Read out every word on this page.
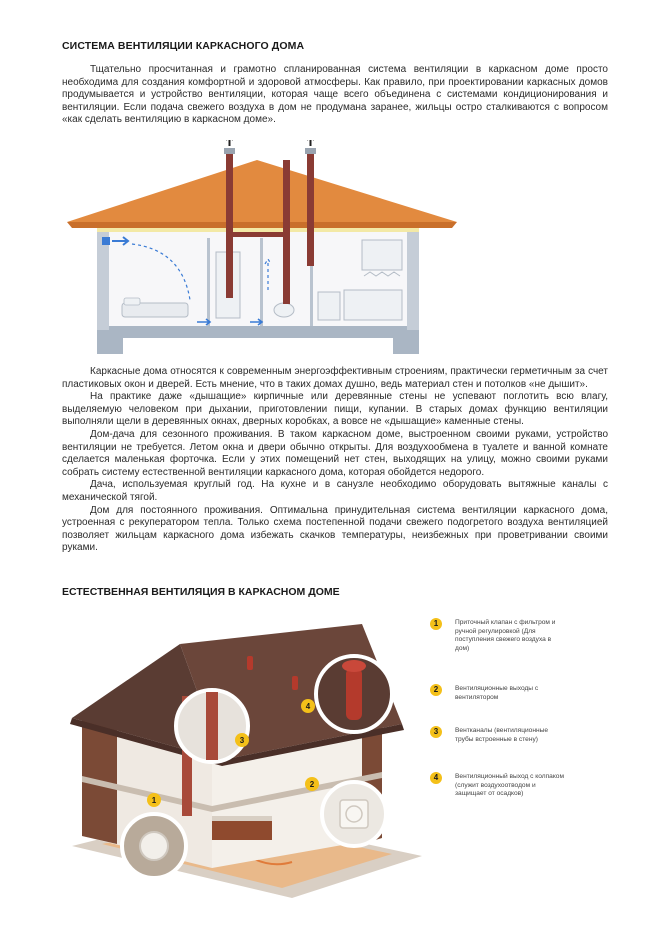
СИСТЕМА ВЕНТИЛЯЦИИ КАРКАСНОГО ДОМА

Тщательно просчитанная и грамотно спланированная система вентиляции в каркасном доме просто необходима для создания комфортной и здоровой атмосферы. Как правило, при проектировании каркасных домов продумывается и устройство вентиляции, которая чаще всего объединена с системами кондиционирования и вентиляции. Если подача свежего воздуха в дом не продумана заранее, жильцы остро сталкиваются с вопросом «как сделать вентиляцию в каркасном доме».

Каркасные дома относятся к современным энергоэффективным строениям, практически герметичным за счет пластиковых окон и дверей. Есть мнение, что в таких домах душно, ведь материал стен и потолков «не дышит».

На практике даже «дышащие» кирпичные или деревянные стены не успевают поглотить всю влагу, выделяемую человеком при дыхании, приготовлении пищи, купании. В старых домах функцию вентиляции выполняли щели в деревянных окнах, дверных коробках, а вовсе не «дышащие» каменные стены.

Дом-дача для сезонного проживания. В таком каркасном доме, выстроенном своими руками, устройство вентиляции не требуется. Летом окна и двери обычно открыты. Для воздухообмена в туалете и ванной комнате сделается маленькая форточка. Если у этих помещений нет стен, выходящих на улицу, можно своими руками собрать систему естественной вентиляции каркасного дома, которая обойдется недорого.

Дача, используемая круглый год. На кухне и в санузле необходимо оборудовать вытяжные каналы с механической тягой.

Дом для постоянного проживания. Оптимальна принудительная система вентиляции каркасного дома, устроенная с рекуператором тепла. Только схема постепенной подачи свежего подогретого воздуха вентиляцией позволяет жильцам каркасного дома избежать скачков температуры, неизбежных при проветривании своими руками.

ЕСТЕСТВЕННАЯ ВЕНТИЛЯЦИЯ В КАРКАСНОМ ДОМЕ
1
2
3
4
1	Приточный клапан с фильтром и ручной регулировкой (Для поступления свежего воздуха в дом)
2	Вентиляционные выходы с вентилятором
3	Вентканалы (вентиляционные трубы встроенные в стену)
4	Вентиляционный выход с колпаком (служит воздухоотводом и защищает от осадков)
